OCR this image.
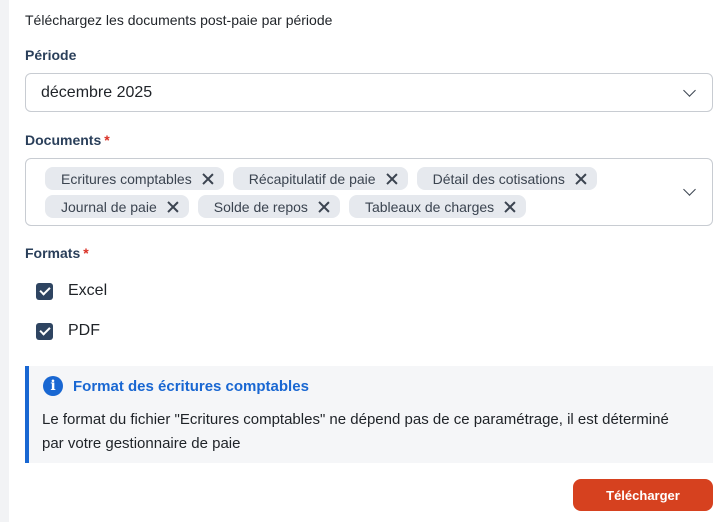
Téléchargez les documents post-paie par période
Période
décembre 2025
Documents *
Ecritures comptables	Récapitulatif de paie	Détail des cotisations
Journal de paie	Solde de repos	Tableaux de charges
Formats *
Excel
PDF
i	Format des écritures comptables
Le format du fichier "Ecritures comptables" ne dépend pas de ce paramétrage, il est déterminé par votre gestionnaire de paie
Télécharger
